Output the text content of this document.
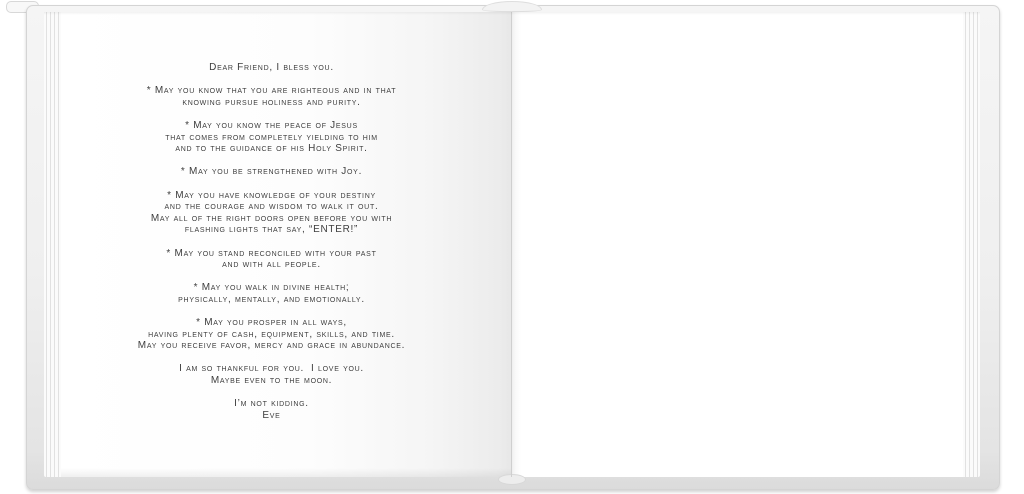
Dear Friend, I bless you.

* May you know that you are righteous and in that
knowing pursue holiness and purity.

* May you know the peace of Jesus
that comes from completely yielding to him
and to the guidance of his Holy Spirit.

* May you be strengthened with Joy.

* May you have knowledge of your destiny
and the courage and wisdom to walk it out.
May all of the right doors open before you with
flashing lights that say, “ENTER!”

* May you stand reconciled with your past
and with all people.

* May you walk in divine health;
physically, mentally, and emotionally.

* May you prosper in all ways,
having plenty of cash, equipment, skills, and time.
May you receive favor, mercy and grace in abundance.

I am so thankful for you.  I love you.
Maybe even to the moon.

I’m not kidding.
Eve
